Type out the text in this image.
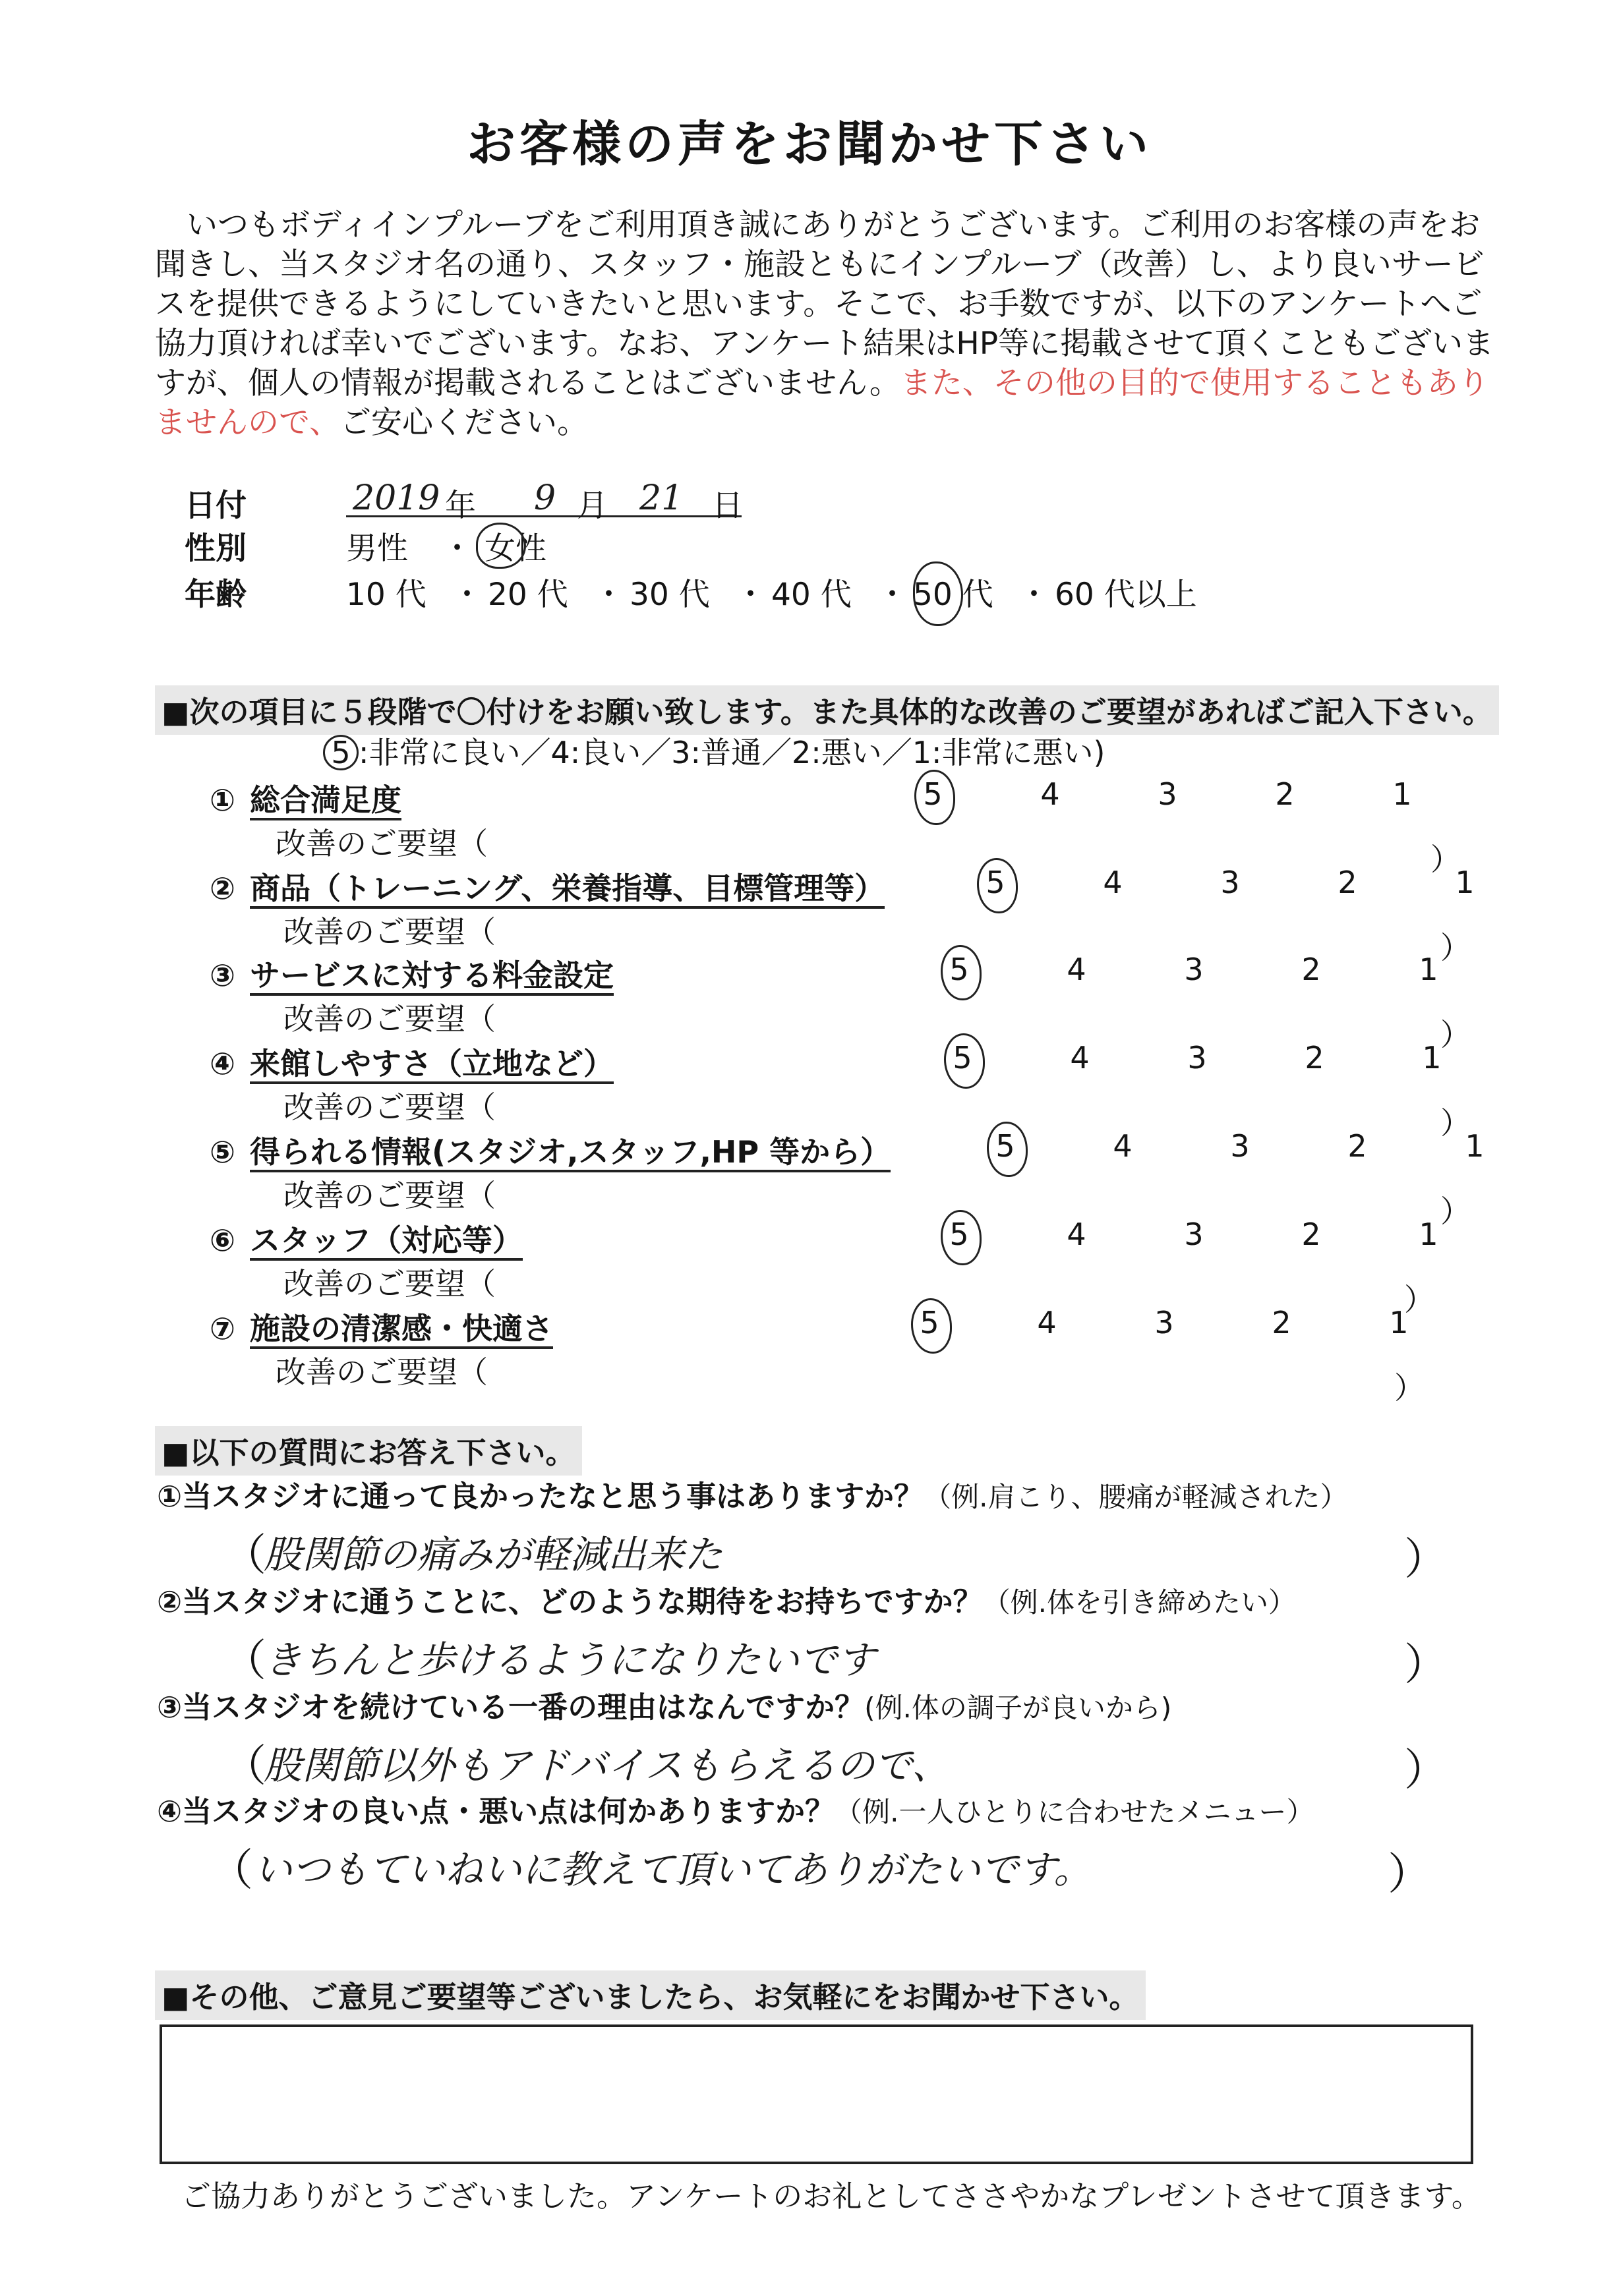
お客様の声をお聞かせ下さい

いつもボディインプルーブをご利用頂き誠にありがとうございます。ご利用のお客様の声をお

聞きし、当スタジオ名の通り、スタッフ・施設ともにインプルーブ（改善）し、より良いサービ

スを提供できるようにしていきたいと思います。そこで、お手数ですが、以下のアンケートへご

協力頂ければ幸いでございます。なお、アンケート結果はHP等に掲載させて頂くこともございま

すが、個人の情報が掲載されることはございません。また、その他の目的で使用することもあり

ませんので、ご安心ください。

日付	2019 年 9 月 21 日
性別	男性 ・ 女性
年齢	10 代 ・ 20 代 ・ 30 代 ・ 40 代 ・ 50 代 ・ 60 代以上
■次の項目に５段階で〇付けをお願い致します。また具体的な改善のご要望があればご記入下さい。
5 :非常に良い／4:良い／3:普通／2:悪い／1:非常に悪い)
① 総合満足度	5	4	3	2	1
改善のご要望（	）
② 商品（トレーニング、栄養指導、目標管理等）	5	4	3	2	1
改善のご要望（	）
③ サービスに対する料金設定	5	4	3	2	1
改善のご要望（	）
④ 来館しやすさ（立地など）	5	4	3	2	1
改善のご要望（	）
⑤ 得られる情報(スタジオ,スタッフ,HP 等から）	5	4	3	2	1
改善のご要望（	）
⑥ スタッフ（対応等）	5	4	3	2	1
改善のご要望（	）
⑦ 施設の清潔感・快適さ	5	4	3	2	1
改善のご要望（	）
■以下の質問にお答え下さい。
①当スタジオに通って良かったなと思う事はありますか？（例.肩こり、腰痛が軽減された）
（
股関節の痛みが軽減出来た	）
②当スタジオに通うことに、どのような期待をお持ちですか？（例.体を引き締めたい）
（
きちんと歩けるようになりたいです	）
③当スタジオを続けている一番の理由はなんですか？(例.体の調子が良いから)
（
股関節以外もアドバイスもらえるので、	）
④当スタジオの良い点・悪い点は何かありますか？（例.一人ひとりに合わせたメニュー）
（ いつもていねいに教えて頂いてありがたいです。	）
■その他、ご意見ご要望等ございましたら、お気軽にをお聞かせ下さい。
ご協力ありがとうございました。アンケートのお礼としてささやかなプレゼントさせて頂きます。
